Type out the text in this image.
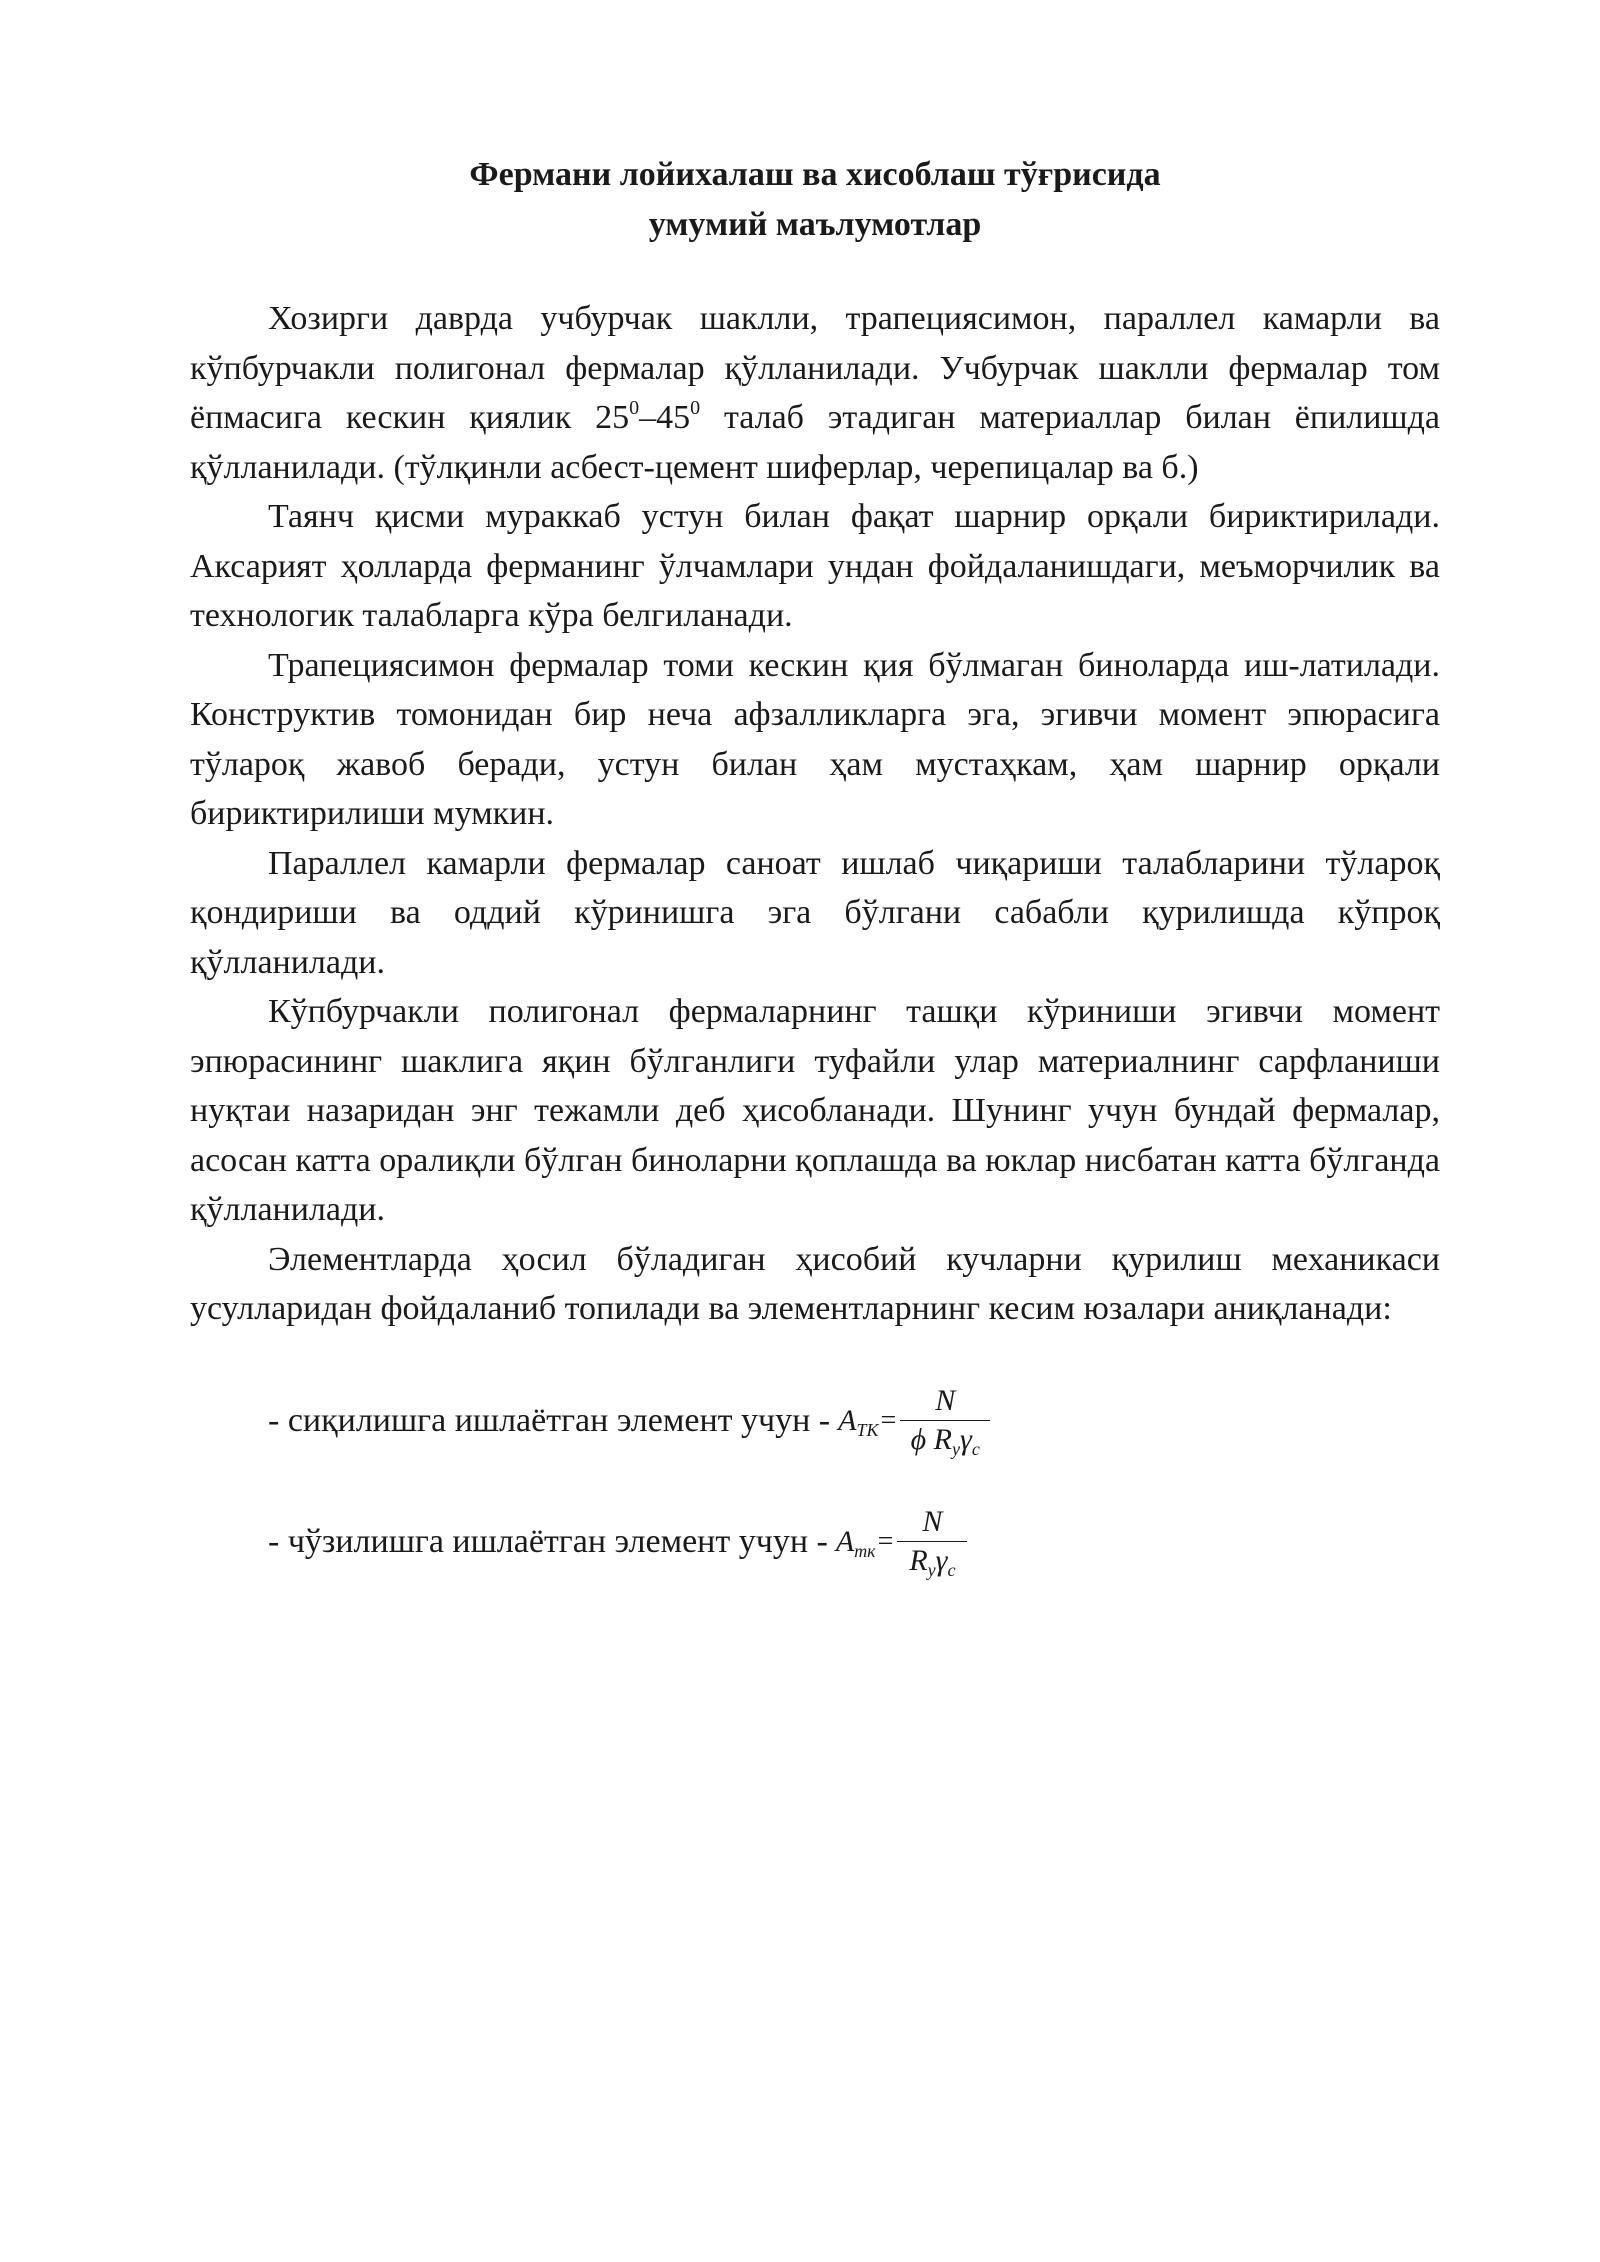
Фермани лойихалаш ва хисоблаш тўғрисида
умумий маълумотлар

Хозирги даврда учбурчак шаклли, трапециясимон, параллел камарли ва кўпбурчакли полигонал фермалар қўлланилади. Учбурчак шаклли фермалар том ёпмасига кескин қиялик $25^0-45^0$ талаб этадиган материаллар билан ёпилишда қўлланилади. (тўлқинли асбест-цемент шиферлар, черепицалар ва б.)

Таянч қисми мураккаб устун билан фақат шарнир орқали бириктирилади. Аксарият ҳолларда ферманинг ўлчамлари ундан фойдаланишдаги, меъморчилик ва технологик талабларга кўра белгиланади.

Трапециясимон фермалар томи кескин қия бўлмаган биноларда иш-латилади. Конструктив томонидан бир неча афзалликларга эга, эгивчи момент эпюрасига тўлароқ жавоб беради, устун билан ҳам мустаҳкам, ҳам шарнир орқали бириктирилиши мумкин.

Параллел камарли фермалар саноат ишлаб чиқариши талабларини тўлароқ қондириши ва оддий кўринишга эга бўлгани сабабли қурилишда кўпроқ қўлланилади.

Кўпбурчакли полигонал фермаларнинг ташқи кўриниши эгивчи момент эпюрасининг шаклига яқин бўлганлиги туфайли улар материалнинг сарфланиши нуқтаи назаридан энг тежамли деб ҳисобланади. Шунинг учун бундай фермалар, асосан катта оралиқли бўлган биноларни қоплашда ва юклар нисбатан катта бўлганда қўлланилади.

Элементларда ҳосил бўладиган ҳисобий кучларни қурилиш механикаси усулларидан фойдаланиб топилади ва элементларнинг кесим юзалари аниқланади:

- сиқилишга ишлаётган элемент учун - $A_{ТК} = \frac{N}{\phi R_y\gamma_c}$
- чўзилишга ишлаётган элемент учун - $A_{тк} = \frac{N}{R_y\gamma_c}$
